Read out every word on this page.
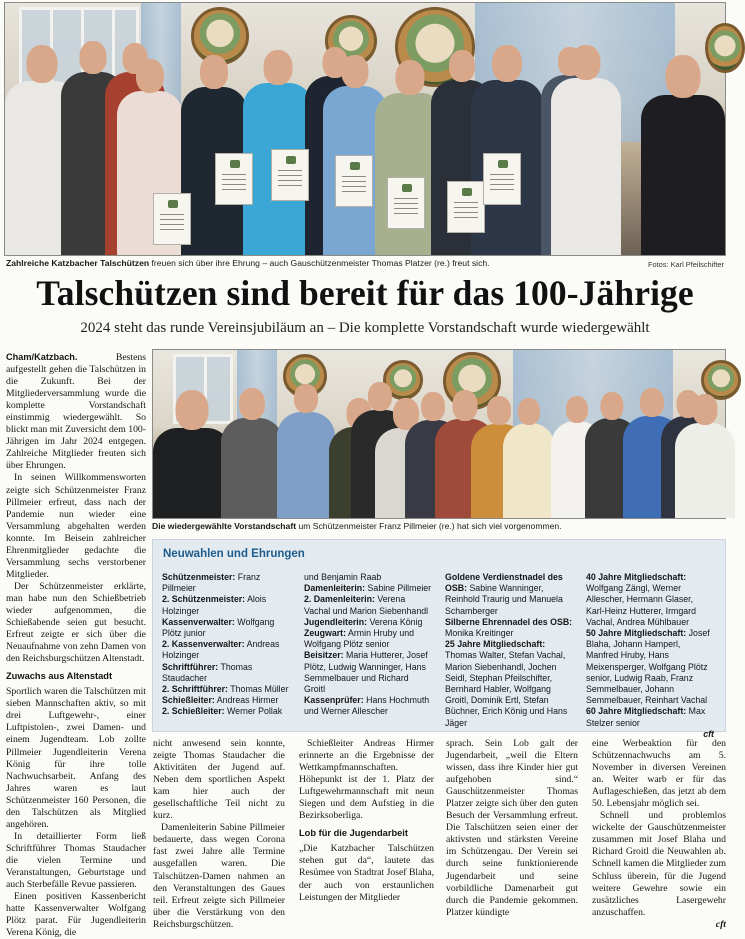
Zahlreiche Katzbacher Talschützen freuen sich über ihre Ehrung – auch Gauschützenmeister Thomas Platzer (re.) freut sich.	Fotos: Karl Pfeilschifter
Talschützen sind bereit für das 100-Jährige
2024 steht das runde Vereinsjubiläum an – Die komplette Vorstandschaft wurde wiedergewählt

Cham/Katzbach. Bestens aufgestellt gehen die Talschützen in die Zukunft. Bei der Mitgliederversammlung wurde die komplette Vorstandschaft einstimmig wiedergewählt. So blickt man mit Zuversicht dem 100-Jährigen im Jahr 2024 entgegen. Zahlreiche Mitglieder freuten sich über Ehrungen.

In seinen Willkommensworten zeigte sich Schützenmeister Franz Pillmeier erfreut, dass nach der Pandemie nun wieder eine Versammlung abgehalten werden konnte. Im Beisein zahlreicher Ehrenmitglieder gedachte die Versammlung sechs verstorbener Mitglieder.

Der Schützenmeister erklärte, man habe nun den Schießbetrieb wieder aufgenommen, die Schießabende seien gut besucht. Erfreut zeigte er sich über die Neuaufnahme von zehn Damen von den Reichsburgschützen Altenstadt.

Zuwachs aus Altenstadt

Sportlich waren die Talschützen mit sieben Mannschaften aktiv, so mit drei Luftgewehr-, einer Luftpistolen-, zwei Damen- und einem Jugendteam. Lob zollte Pillmeier Jugendleiterin Verena König für ihre tolle Nachwuchsarbeit. Anfang des Jahres waren es laut Schützenmeister 160 Personen, die den Talschützen als Mitglied angehören.

In detaillierter Form ließ Schriftführer Thomas Staudacher die vielen Termine und Veranstaltungen, Geburtstage und auch Sterbefälle Revue passieren.

Einen positiven Kassenbericht hatte Kassenverwalter Wolfgang Plötz parat. Für Jugendleiterin Verena König, die

Die wiedergewählte Vorstandschaft um Schützenmeister Franz Pillmeier (re.) hat sich viel vorgenommen.
Neuwahlen und Ehrungen
Schützenmeister: Franz Pillmeier
2. Schützenmeister: Alois Holzinger
Kassenverwalter: Wolfgang Plötz junior
2. Kassenverwalter: Andreas Holzinger
Schriftführer: Thomas Staudacher
2. Schriftführer: Thomas Müller
Schießleiter: Andreas Hirmer
2. Schießleiter: Werner Pollak
und Benjamin Raab
Damenleiterin: Sabine Pillmeier
2. Damenleiterin: Verena Vachal und Marion Siebenhandl
Jugendleiterin: Verena König
Zeugwart: Armin Hruby und Wolfgang Plötz senior
Beisitzer: Maria Hutterer, Josef Plötz, Ludwig Wanninger, Hans Semmelbauer und Richard Groitl
Kassenprüfer: Hans Hochmuth und Werner Allescher
Goldene Verdienstnadel des OSB: Sabine Wanninger, Reinhold Traurig und Manuela Schamberger
Silberne Ehrennadel des OSB: Monika Kreitinger
25 Jahre Mitgliedschaft: Thomas Walter, Stefan Vachal, Marion Siebenhandl, Jochen Seidl, Stephan Pfeilschifter, Bernhard Habler, Wolfgang Groitl, Dominik Ertl, Stefan Büchner, Erich König und Hans Jäger
40 Jahre Mitgliedschaft: Wolfgang Zängl, Werner Allescher, Hermann Glaser, Karl-Heinz Hutterer, Irmgard Vachal, Andrea Mühlbauer
50 Jahre Mitgliedschaft: Josef Blaha, Johann Hamperl, Manfred Hruby, Hans Meixensperger, Wolfgang Plötz senior, Ludwig Raab, Franz Semmelbauer, Johann Semmelbauer, Reinhart Vachal
60 Jahre Mitgliedschaft: Max Stelzer senior
cft

nicht anwesend sein konnte, zeigte Thomas Staudacher die Aktivitäten der Jugend auf. Neben dem sportlichen Aspekt kam hier auch der gesellschaftliche Teil nicht zu kurz.

Damenleiterin Sabine Pillmeier bedauerte, dass wegen Corona fast zwei Jahre alle Termine ausgefallen waren. Die Talschützen-Damen nahmen an den Veranstaltungen des Gaues teil. Erfreut zeigte sich Pillmeier über die Verstärkung von den Reichsburgschützen.

Schießleiter Andreas Hirmer erinnerte an die Ergebnisse der Wettkampfmannschaften. Höhepunkt ist der 1. Platz der Luftgewehrmannschaft mit neun Siegen und dem Aufstieg in die Bezirksoberliga.

Lob für die Jugendarbeit

„Die Katzbacher Talschützen stehen gut da“, lautete das Resümee von Stadtrat Josef Blaha, der auch von erstaunlichen Leistungen der Mitglieder

sprach. Sein Lob galt der Jugendarbeit, „weil die Eltern wissen, dass ihre Kinder hier gut aufgehoben sind.“ Gauschützenmeister Thomas Platzer zeigte sich über den guten Besuch der Versammlung erfreut. Die Talschützen seien einer der aktivsten und stärksten Vereine im Schützengau. Der Verein sei durch seine funktionierende Jugendarbeit und seine vorbildliche Damenarbeit gut durch die Pandemie gekommen. Platzer kündigte

eine Werbeaktion für den Schützennachwuchs am 5. November in diversen Vereinen an. Weiter warb er für das Auflageschießen, das jetzt ab dem 50. Lebensjahr möglich sei.

Schnell und problemlos wickelte der Gauschützenmeister zusammen mit Josef Blaha und Richard Groitl die Neuwahlen ab. Schnell kamen die Mitglieder zum Schluss überein, für die Jugend weitere Gewehre sowie ein zusätzliches Lasergewehr anzuschaffen.

cft
